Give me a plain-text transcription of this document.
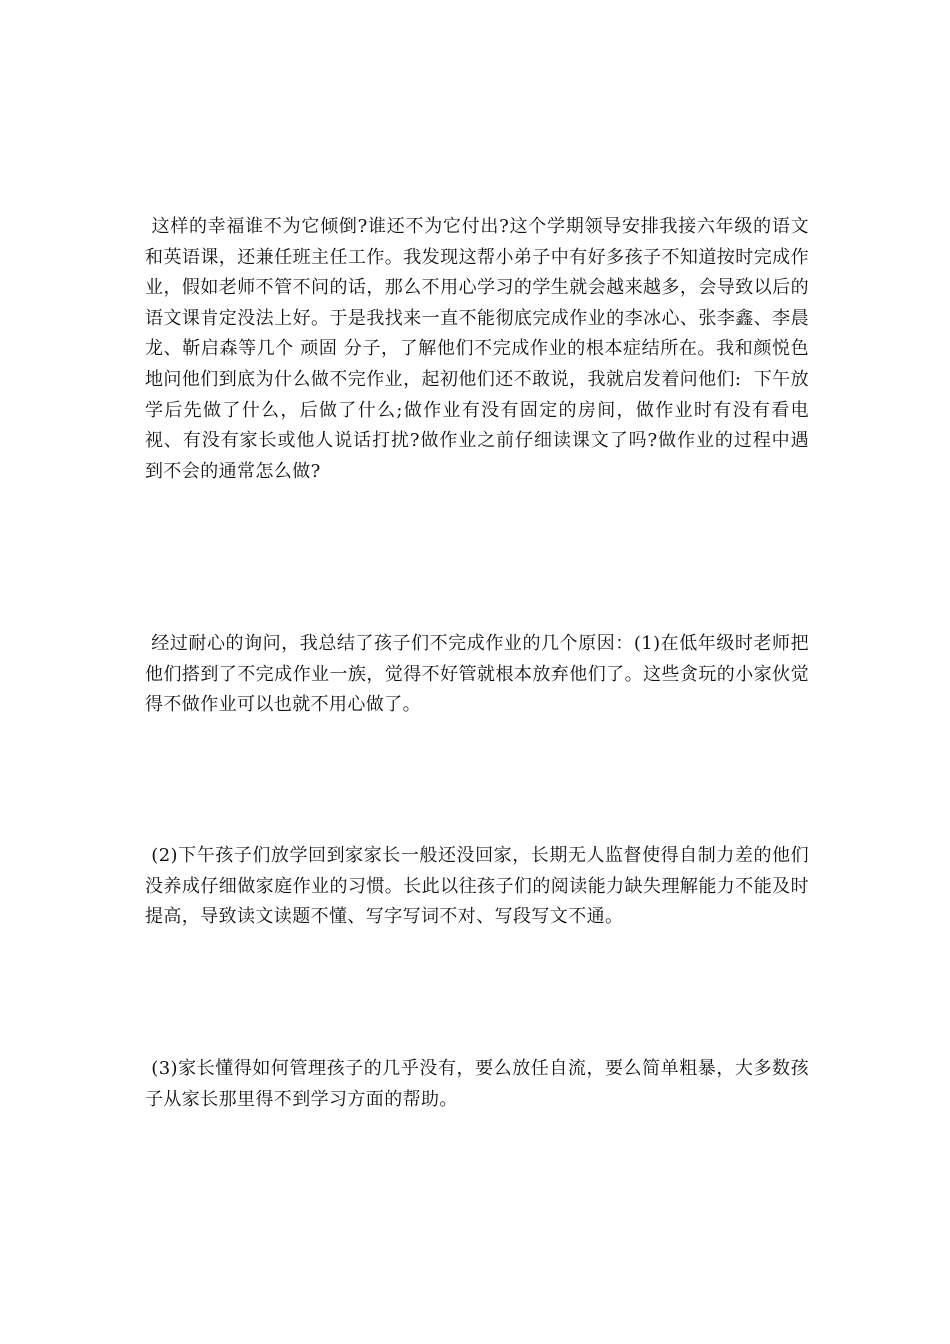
这样的幸福谁不为它倾倒?谁还不为它付出?这个学期领导安排我接六年级的语文和英语课，还兼任班主任工作。我发现这帮小弟子中有好多孩子不知道按时完成作业，假如老师不管不问的话，那么不用心学习的学生就会越来越多，会导致以后的语文课肯定没法上好。于是我找来一直不能彻底完成作业的李冰心、张李鑫、李晨龙、靳启森等几个 顽固 分子，了解他们不完成作业的根本症结所在。我和颜悦色地问他们到底为什么做不完作业，起初他们还不敢说，我就启发着问他们:  下午放学后先做了什么，后做了什么;做作业有没有固定的房间，做作业时有没有看电视、有没有家长或他人说话打扰?做作业之前仔细读课文了吗?做作业的过程中遇到不会的通常怎么做?

经过耐心的询问，我总结了孩子们不完成作业的几个原因：(1)在低年级时老师把他们搭到了不完成作业一族，觉得不好管就根本放弃他们了。这些贪玩的小家伙觉得不做作业可以也就不用心做了。

(2)下午孩子们放学回到家家长一般还没回家，长期无人监督使得自制力差的他们没养成仔细做家庭作业的习惯。长此以往孩子们的阅读能力缺失理解能力不能及时提高，导致读文读题不懂、写字写词不对、写段写文不通。

(3)家长懂得如何管理孩子的几乎没有，要么放任自流，要么简单粗暴，大多数孩子从家长那里得不到学习方面的帮助。
